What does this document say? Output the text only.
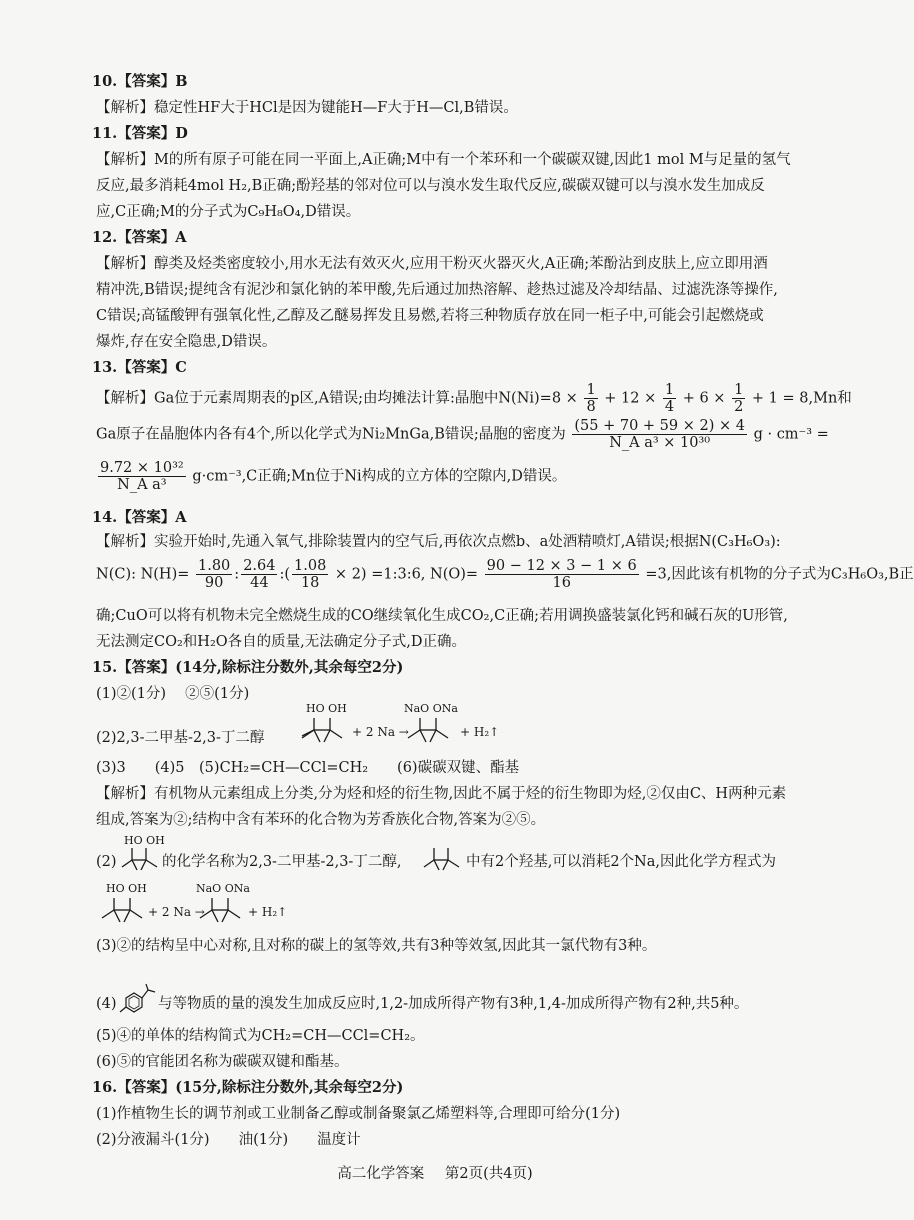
10.【答案】B
【解析】稳定性HF大于HCl是因为键能H—F大于H—Cl,B错误。
11.【答案】D
【解析】M的所有原子可能在同一平面上,A正确;M中有一个苯环和一个碳碳双键,因此1 mol M与足量的氢气
反应,最多消耗4mol H₂,B正确;酚羟基的邻对位可以与溴水发生取代反应,碳碳双键可以与溴水发生加成反
应,C正确;M的分子式为C₉H₈O₄,D错误。
12.【答案】A
【解析】醇类及烃类密度较小,用水无法有效灭火,应用干粉灭火器灭火,A正确;苯酚沾到皮肤上,应立即用酒
精冲洗,B错误;提纯含有泥沙和氯化钠的苯甲酸,先后通过加热溶解、趁热过滤及冷却结晶、过滤洗涤等操作,
C错误;高锰酸钾有强氧化性,乙醇及乙醚易挥发且易燃,若将三种物质存放在同一柜子中,可能会引起燃烧或
爆炸,存在安全隐患,D错误。
13.【答案】C
【解析】Ga位于元素周期表的p区,A错误;由均摊法计算:晶胞中$N(Ni)=8 \times \frac{1}{8} + 12 \times \frac{1}{4} + 6 \times \frac{1}{2} + 1 = 8,Mn$和
Ga原子在晶胞体内各有4个,所以化学式为Ni₂MnGa,B错误;晶胞的密度为 $\frac{(55 + 70 + 59 \times 2) \times 4}{\text{N\_A a³ × 10³⁰}}$ g · cm⁻³ =
$\frac{\text{9.72 × 10³²}}{\text{N\_A a³}} g\cdot cm^{-3},C$正确;Mn位于Ni构成的立方体的空隙内,D错误。
14.【答案】A
【解析】实验开始时,先通入氧气,排除装置内的空气后,再依次点燃b、a处酒精喷灯,A错误;根据N(C₃H₆O₃):
N(C): $N(H)= \frac{1.80}{90}$ : $\frac{2.64}{44}$ :( $\frac{1.08}{18} \times 2$) =1:3:6, $N(O)= \frac{90 - 12 \times 3 - 1 \times 6}{16} =3$,因此该有机物的分子式为C₃H₆O₃,B正
确;CuO可以将有机物未完全燃烧生成的CO继续氧化生成CO₂,C正确;若用调换盛装氯化钙和碱石灰的U形管,
无法测定CO₂和H₂O各自的质量,无法确定分子式,D正确。
15.【答案】(14分,除标注分数外,其余每空2分)
(1)②(1分)　 ②⑤(1分)
(2)2,3-二甲基-2,3-丁二醇
HO OH
+ 2 Na →
NaO ONa
+ H₂↑
(3)3　　(4)5　(5)CH₂=CH—CCl=CH₂　　(6)碳碳双键、酯基
【解析】有机物从元素组成上分类,分为烃和烃的衍生物,因此不属于烃的衍生物即为烃,②仅由C、H两种元素
组成,答案为②;结构中含有苯环的化合物为芳香族化合物,答案为②⑤。
(2)
HO OH
的化学名称为2,3-二甲基-2,3-丁二醇,	中有2个羟基,可以消耗2个Na,因此化学方程式为
HO OH
+ 2 Na →
NaO ONa
+ H₂↑
(3)②的结构呈中心对称,且对称的碳上的氢等效,共有3种等效氢,因此其一氯代物有3种。
(4)	与等物质的量的溴发生加成反应时,1,2-加成所得产物有3种,1,4-加成所得产物有2种,共5种。
(5)④的单体的结构简式为CH₂=CH—CCl=CH₂。
(6)⑤的官能团名称为碳碳双键和酯基。
16.【答案】(15分,除标注分数外,其余每空2分)
(1)作植物生长的调节剂或工业制备乙醇或制备聚氯乙烯塑料等,合理即可给分(1分)
(2)分液漏斗(1分)　　油(1分)　　温度计
高二化学答案 第2页(共4页)
